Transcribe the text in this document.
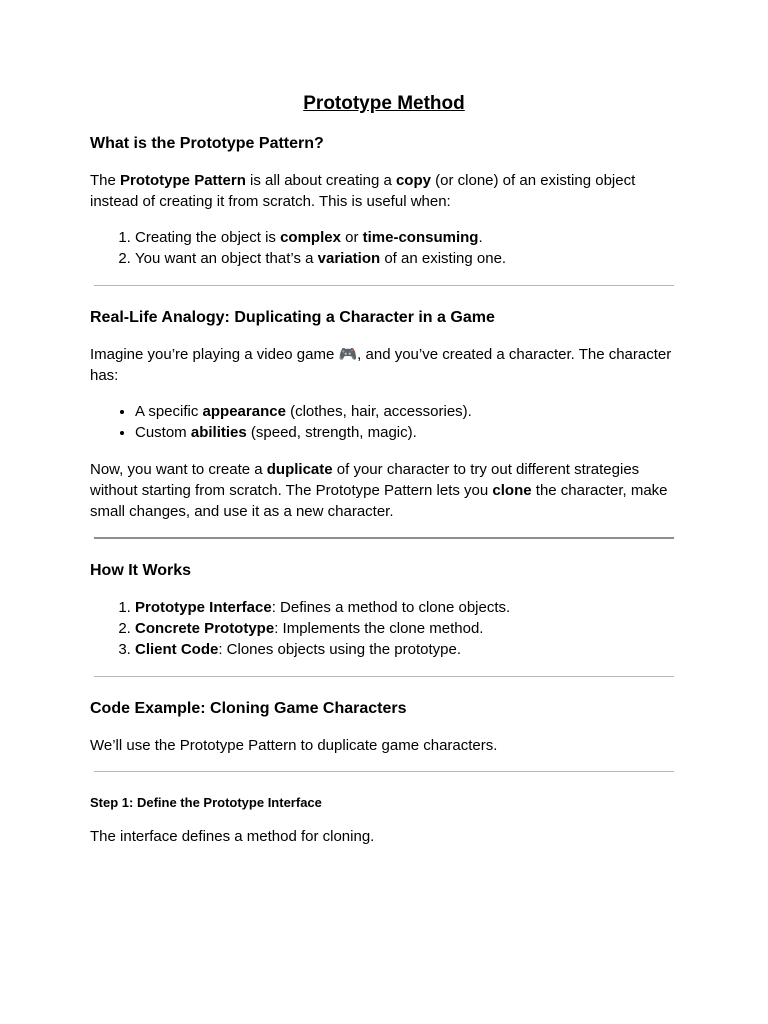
Prototype Method
What is the Prototype Pattern?

The Prototype Pattern is all about creating a copy (or clone) of an existing object instead of creating it from scratch. This is useful when:

1. Creating the object is complex or time-consuming.
2. You want an object that’s a variation of an existing one.
Real-Life Analogy: Duplicating a Character in a Game

Imagine you’re playing a video game 🎮, and you’ve created a character. The character has:

• A specific appearance (clothes, hair, accessories).
• Custom abilities (speed, strength, magic).

Now, you want to create a duplicate of your character to try out different strategies without starting from scratch. The Prototype Pattern lets you clone the character, make small changes, and use it as a new character.

How It Works
1. Prototype Interface: Defines a method to clone objects.
2. Concrete Prototype: Implements the clone method.
3. Client Code: Clones objects using the prototype.
Code Example: Cloning Game Characters

We’ll use the Prototype Pattern to duplicate game characters.

Step 1: Define the Prototype Interface

The interface defines a method for cloning.
